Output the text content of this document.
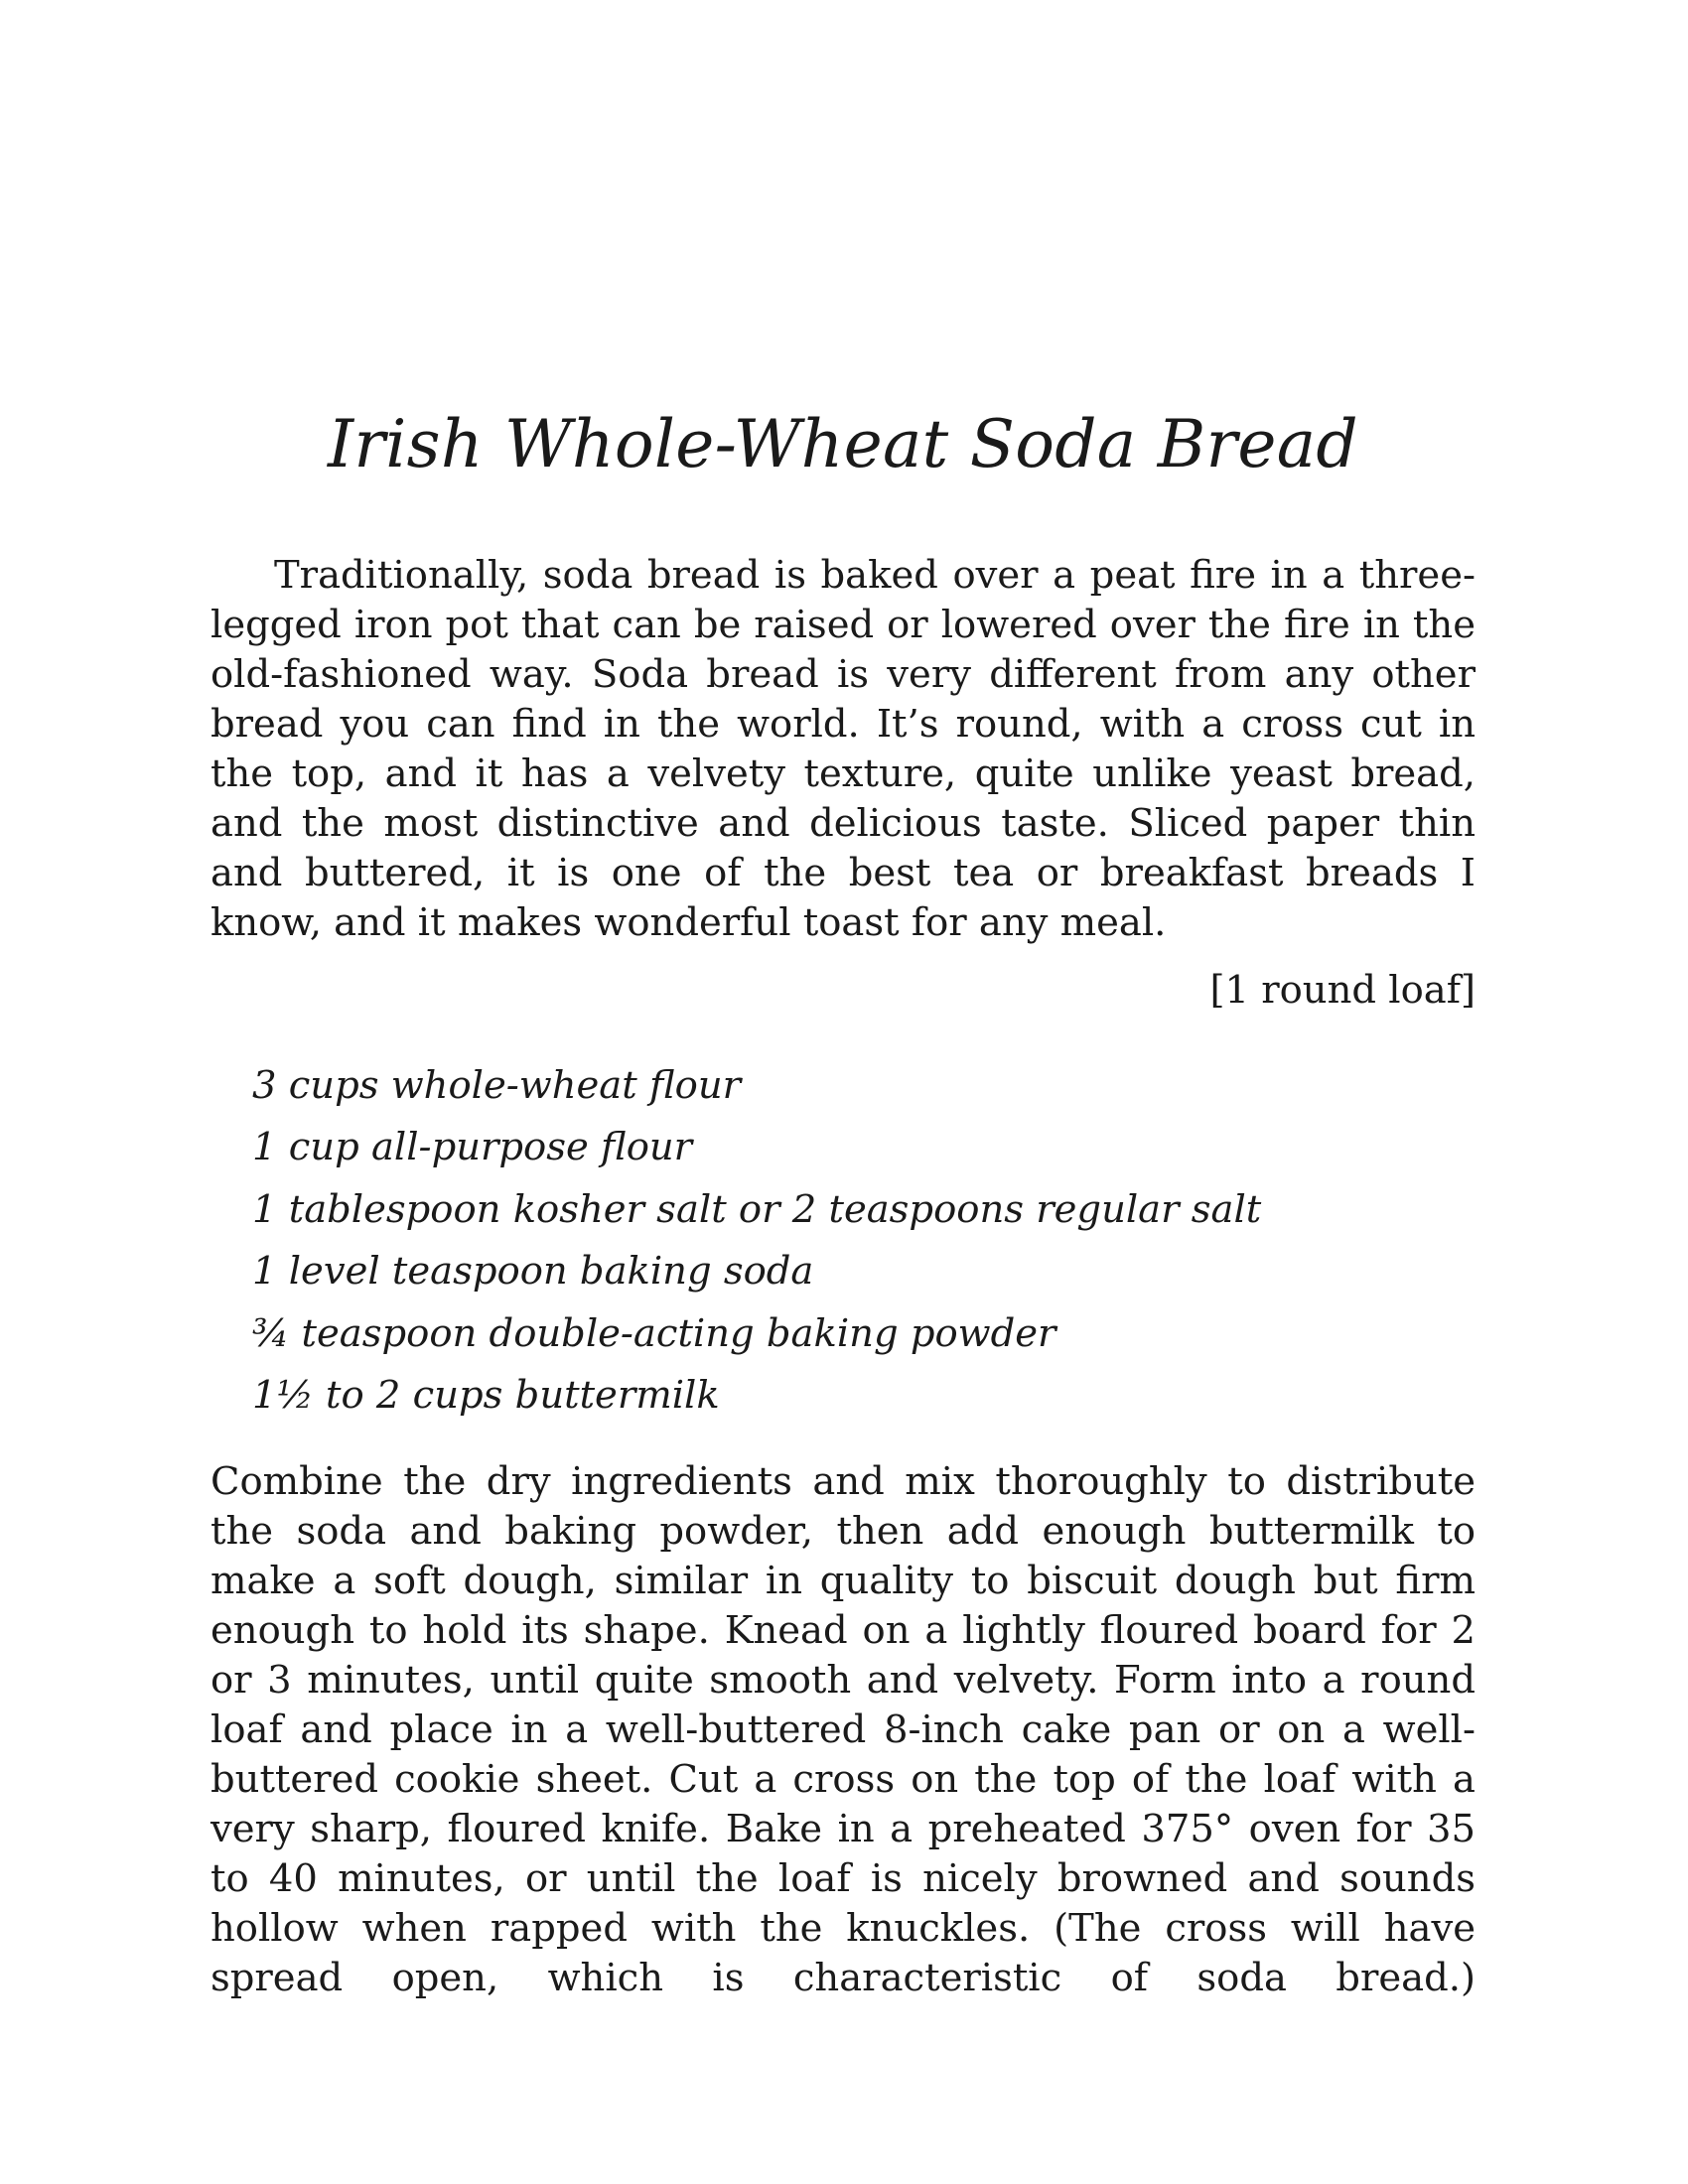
Irish Whole-Wheat Soda Bread

Traditionally, soda bread is baked over a peat fire in a three-legged iron pot that can be raised or lowered over the fire in the old-fashioned way. Soda bread is very different from any other bread you can find in the world. It’s round, with a cross cut in the top, and it has a velvety texture, quite unlike yeast bread, and the most distinctive and delicious taste. Sliced paper thin and buttered, it is one of the best tea or breakfast breads I know, and it makes wonderful toast for any meal.

[1 round loaf]

3 cups whole-wheat flour
1 cup all-purpose flour
1 tablespoon kosher salt or 2 teaspoons regular salt
1 level teaspoon baking soda
¾ teaspoon double-acting baking powder
1½ to 2 cups buttermilk

Combine the dry ingredients and mix thoroughly to distribute the soda and baking powder, then add enough buttermilk to make a soft dough, similar in quality to biscuit dough but firm enough to hold its shape. Knead on a lightly floured board for 2 or 3 minutes, until quite smooth and velvety. Form into a round loaf and place in a well-buttered 8-inch cake pan or on a well-buttered cookie sheet. Cut a cross on the top of the loaf with a very sharp, floured knife. Bake in a preheated 375° oven for 35 to 40 minutes, or until the loaf is nicely browned and sounds hollow when rapped with the knuckles. (The cross will have spread open, which is characteristic of soda bread.)
